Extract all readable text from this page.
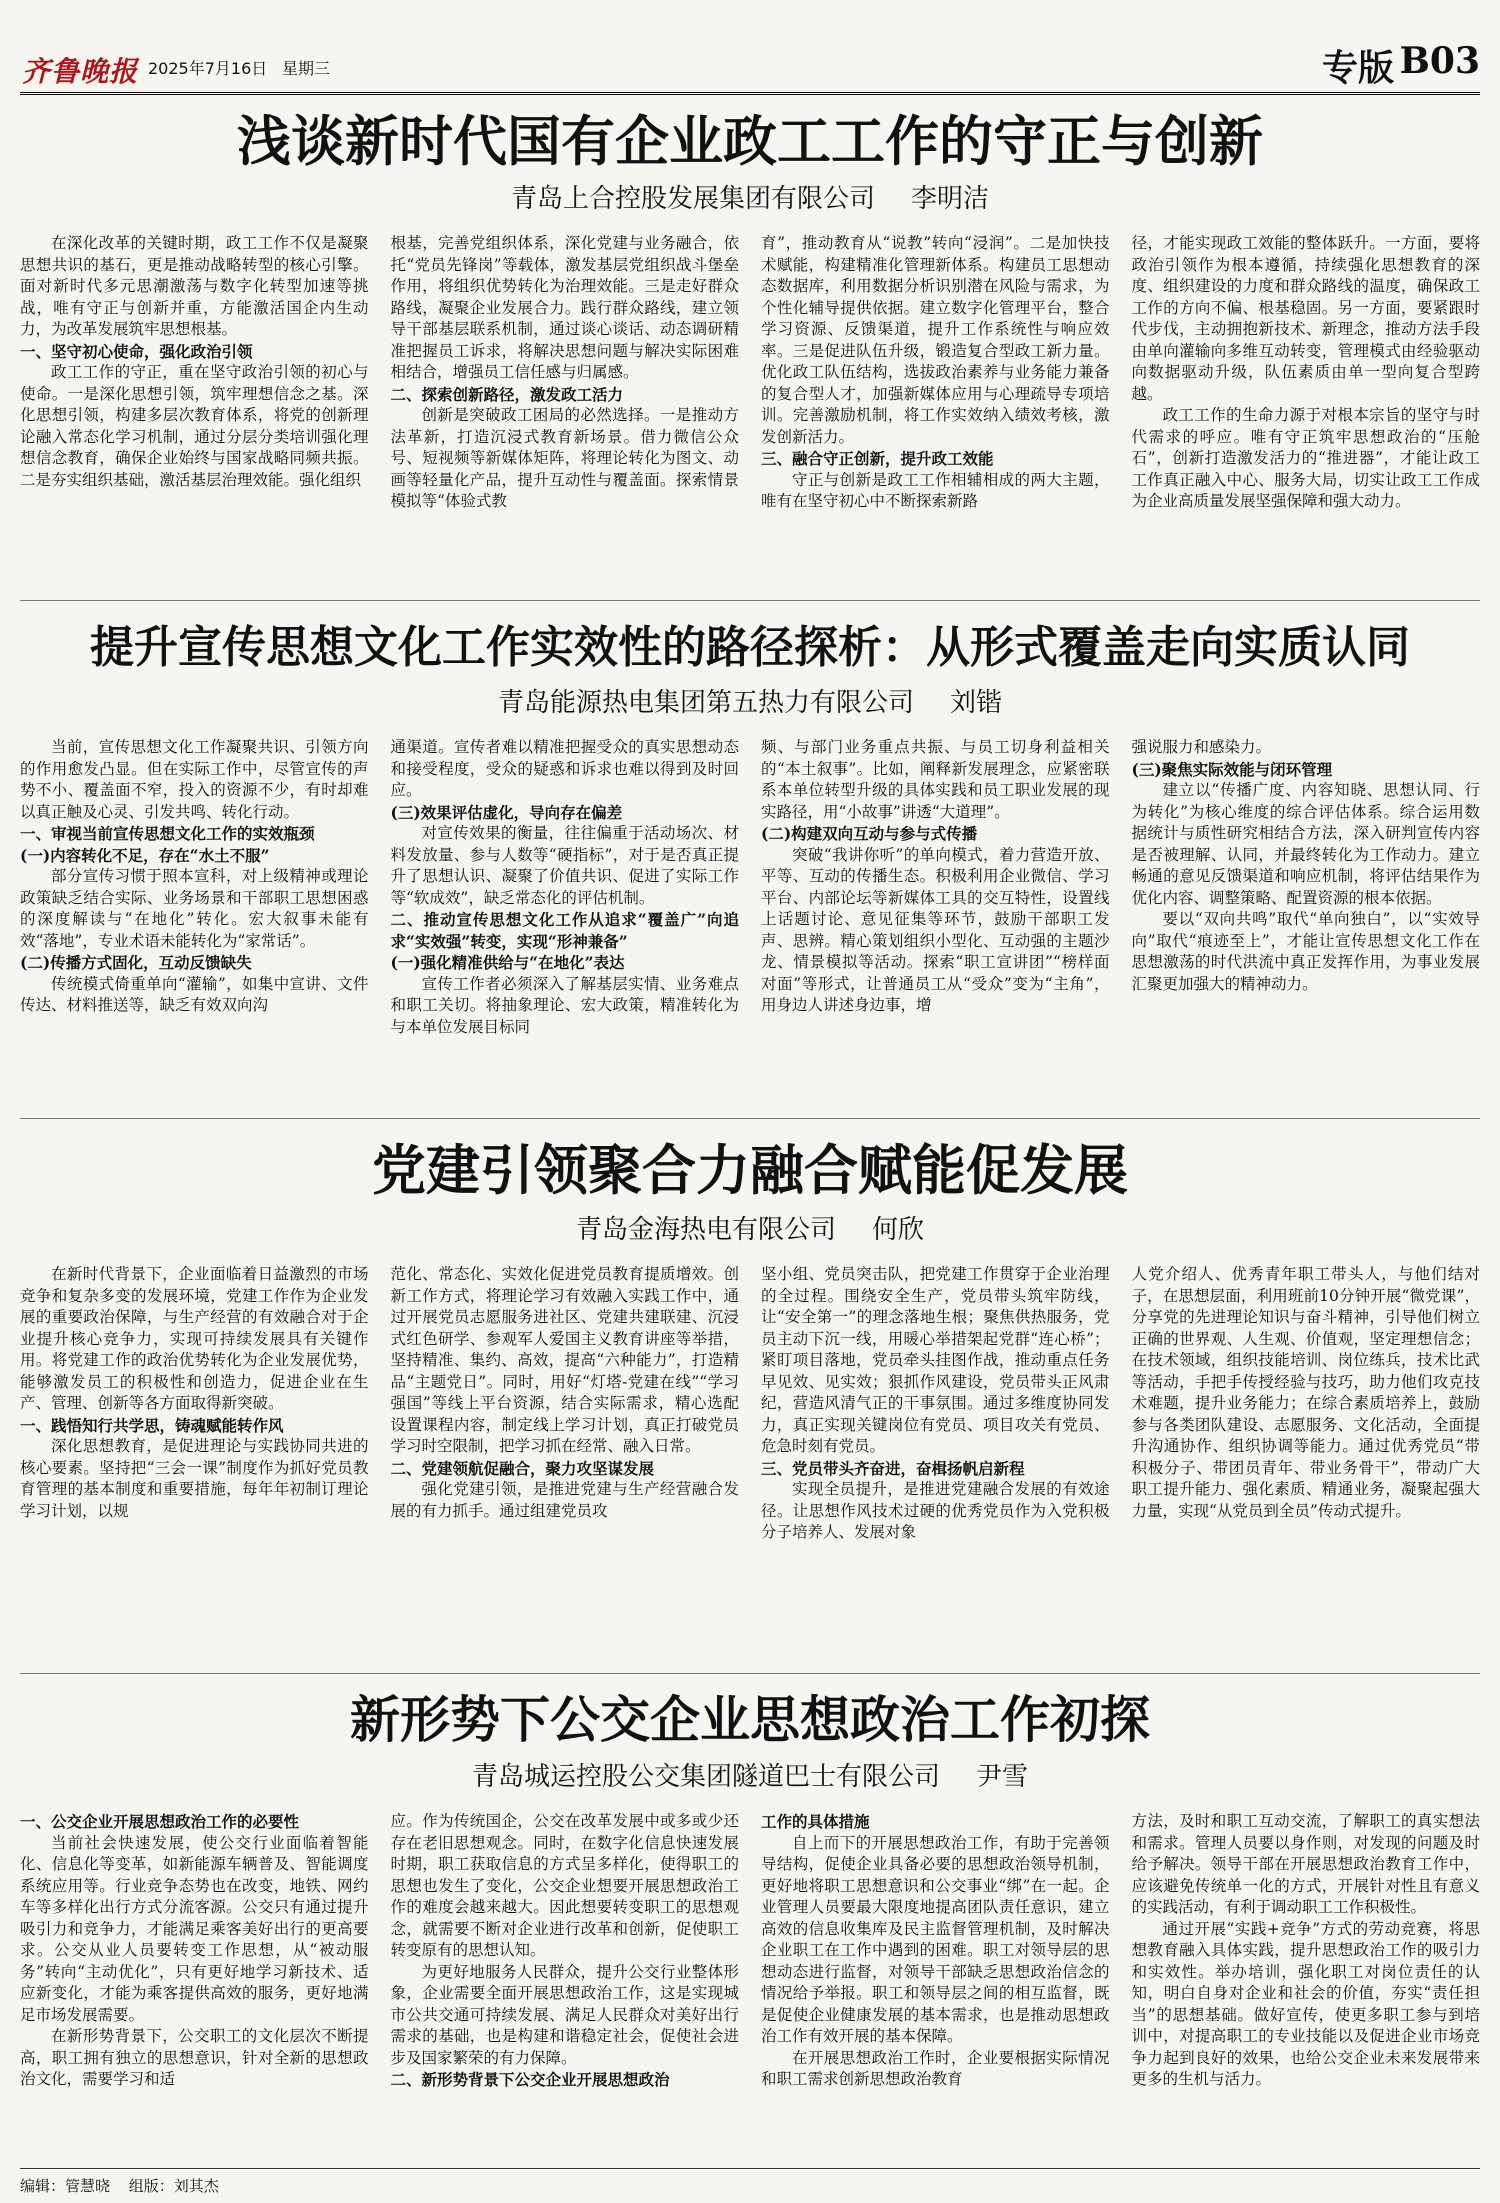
齐鲁晚报 2025年7月16日 星期三	专版 B03
浅谈新时代国有企业政工工作的守正与创新
青岛上合控股发展集团有限公司 李明洁

在深化改革的关键时期，政工工作不仅是凝聚思想共识的基石，更是推动战略转型的核心引擎。面对新时代多元思潮激荡与数字化转型加速等挑战，唯有守正与创新并重，方能激活国企内生动力，为改革发展筑牢思想根基。

一、坚守初心使命，强化政治引领

政工工作的守正，重在坚守政治引领的初心与使命。一是深化思想引领，筑牢理想信念之基。深化思想引领，构建多层次教育体系，将党的创新理论融入常态化学习机制，通过分层分类培训强化理想信念教育，确保企业始终与国家战略同频共振。二是夯实组织基础，激活基层治理效能。强化组织

根基，完善党组织体系，深化党建与业务融合，依托“党员先锋岗”等载体，激发基层党组织战斗堡垒作用，将组织优势转化为治理效能。三是走好群众路线，凝聚企业发展合力。践行群众路线，建立领导干部基层联系机制，通过谈心谈话、动态调研精准把握员工诉求，将解决思想问题与解决实际困难相结合，增强员工信任感与归属感。

二、探索创新路径，激发政工活力

创新是突破政工困局的必然选择。一是推动方法革新，打造沉浸式教育新场景。借力微信公众号、短视频等新媒体矩阵，将理论转化为图文、动画等轻量化产品，提升互动性与覆盖面。探索情景模拟等“体验式教

育”，推动教育从“说教”转向“浸润”。二是加快技术赋能，构建精准化管理新体系。构建员工思想动态数据库，利用数据分析识别潜在风险与需求，为个性化辅导提供依据。建立数字化管理平台，整合学习资源、反馈渠道，提升工作系统性与响应效率。三是促进队伍升级，锻造复合型政工新力量。优化政工队伍结构，选拔政治素养与业务能力兼备的复合型人才，加强新媒体应用与心理疏导专项培训。完善激励机制，将工作实效纳入绩效考核，激发创新活力。

三、融合守正创新，提升政工效能

守正与创新是政工工作相辅相成的两大主题，唯有在坚守初心中不断探索新路

径，才能实现政工效能的整体跃升。一方面，要将政治引领作为根本遵循，持续强化思想教育的深度、组织建设的力度和群众路线的温度，确保政工工作的方向不偏、根基稳固。另一方面，要紧跟时代步伐，主动拥抱新技术、新理念，推动方法手段由单向灌输向多维互动转变，管理模式由经验驱动向数据驱动升级，队伍素质由单一型向复合型跨越。

政工工作的生命力源于对根本宗旨的坚守与时代需求的呼应。唯有守正筑牢思想政治的“压舱石”，创新打造激发活力的“推进器”，才能让政工工作真正融入中心、服务大局，切实让政工工作成为企业高质量发展坚强保障和强大动力。

提升宣传思想文化工作实效性的路径探析：从形式覆盖走向实质认同
青岛能源热电集团第五热力有限公司 刘锴

当前，宣传思想文化工作凝聚共识、引领方向的作用愈发凸显。但在实际工作中，尽管宣传的声势不小、覆盖面不窄，投入的资源不少，有时却难以真正触及心灵、引发共鸣、转化行动。

一、审视当前宣传思想文化工作的实效瓶颈
(一)内容转化不足，存在“水土不服”

部分宣传习惯于照本宣科，对上级精神或理论政策缺乏结合实际、业务场景和干部职工思想困惑的深度解读与“在地化”转化。宏大叙事未能有效“落地”，专业术语未能转化为“家常话”。

(二)传播方式固化，互动反馈缺失

传统模式倚重单向“灌输”，如集中宣讲、文件传达、材料推送等，缺乏有效双向沟

通渠道。宣传者难以精准把握受众的真实思想动态和接受程度，受众的疑惑和诉求也难以得到及时回应。

(三)效果评估虚化，导向存在偏差

对宣传效果的衡量，往往偏重于活动场次、材料发放量、参与人数等“硬指标”，对于是否真正提升了思想认识、凝聚了价值共识、促进了实际工作等“软成效”，缺乏常态化的评估机制。

二、推动宣传思想文化工作从追求“覆盖广”向追求“实效强”转变，实现“形神兼备”
(一)强化精准供给与“在地化”表达

宣传工作者必须深入了解基层实情、业务难点和职工关切。将抽象理论、宏大政策，精准转化为与本单位发展目标同

频、与部门业务重点共振、与员工切身利益相关的“本土叙事”。比如，阐释新发展理念，应紧密联系本单位转型升级的具体实践和员工职业发展的现实路径，用“小故事”讲透“大道理”。

(二)构建双向互动与参与式传播

突破“我讲你听”的单向模式，着力营造开放、平等、互动的传播生态。积极利用企业微信、学习平台、内部论坛等新媒体工具的交互特性，设置线上话题讨论、意见征集等环节，鼓励干部职工发声、思辨。精心策划组织小型化、互动强的主题沙龙、情景模拟等活动。探索“职工宣讲团”“榜样面对面”等形式，让普通员工从“受众”变为“主角”，用身边人讲述身边事，增

强说服力和感染力。

(三)聚焦实际效能与闭环管理

建立以“传播广度、内容知晓、思想认同、行为转化”为核心维度的综合评估体系。综合运用数据统计与质性研究相结合方法，深入研判宣传内容是否被理解、认同，并最终转化为工作动力。建立畅通的意见反馈渠道和响应机制，将评估结果作为优化内容、调整策略、配置资源的根本依据。

要以“双向共鸣”取代“单向独白”，以“实效导向”取代“痕迹至上”，才能让宣传思想文化工作在思想激荡的时代洪流中真正发挥作用，为事业发展汇聚更加强大的精神动力。

党建引领聚合力融合赋能促发展
青岛金海热电有限公司 何欣

在新时代背景下，企业面临着日益激烈的市场竞争和复杂多变的发展环境，党建工作作为企业发展的重要政治保障，与生产经营的有效融合对于企业提升核心竞争力，实现可持续发展具有关键作用。将党建工作的政治优势转化为企业发展优势，能够激发员工的积极性和创造力，促进企业在生产、管理、创新等各方面取得新突破。

一、践悟知行共学思，铸魂赋能转作风

深化思想教育，是促进理论与实践协同共进的核心要素。坚持把“三会一课”制度作为抓好党员教育管理的基本制度和重要措施，每年年初制订理论学习计划，以规

范化、常态化、实效化促进党员教育提质增效。创新工作方式，将理论学习有效融入实践工作中，通过开展党员志愿服务进社区、党建共建联建、沉浸式红色研学、参观军人爱国主义教育讲座等举措，坚持精准、集约、高效，提高“六种能力”，打造精品“主题党日”。同时，用好“灯塔-党建在线”“学习强国”等线上平台资源，结合实际需求，精心选配设置课程内容，制定线上学习计划，真正打破党员学习时空限制，把学习抓在经常、融入日常。

二、党建领航促融合，聚力攻坚谋发展

强化党建引领，是推进党建与生产经营融合发展的有力抓手。通过组建党员攻

坚小组、党员突击队，把党建工作贯穿于企业治理的全过程。围绕安全生产，党员带头筑牢防线，让“安全第一”的理念落地生根；聚焦供热服务，党员主动下沉一线，用暖心举措架起党群“连心桥”；紧盯项目落地，党员牵头挂图作战，推动重点任务早见效、见实效；狠抓作风建设，党员带头正风肃纪，营造风清气正的干事氛围。通过多维度协同发力，真正实现关键岗位有党员、项目攻关有党员、危急时刻有党员。

三、党员带头齐奋进，奋楫扬帆启新程

实现全员提升，是推进党建融合发展的有效途径。让思想作风技术过硬的优秀党员作为入党积极分子培养人、发展对象

人党介绍人、优秀青年职工带头人，与他们结对子，在思想层面，利用班前10分钟开展“微党课”，分享党的先进理论知识与奋斗精神，引导他们树立正确的世界观、人生观、价值观，坚定理想信念；在技术领域，组织技能培训、岗位练兵，技术比武等活动，手把手传授经验与技巧，助力他们攻克技术难题，提升业务能力；在综合素质培养上，鼓励参与各类团队建设、志愿服务、文化活动，全面提升沟通协作、组织协调等能力。通过优秀党员“带积极分子、带团员青年、带业务骨干”，带动广大职工提升能力、强化素质、精通业务，凝聚起强大力量，实现“从党员到全员”传动式提升。

新形势下公交企业思想政治工作初探
青岛城运控股公交集团隧道巴士有限公司 尹雪
一、公交企业开展思想政治工作的必要性

当前社会快速发展，使公交行业面临着智能化、信息化等变革，如新能源车辆普及、智能调度系统应用等。行业竞争态势也在改变，地铁、网约车等多样化出行方式分流客源。公交只有通过提升吸引力和竞争力，才能满足乘客美好出行的更高要求。公交从业人员要转变工作思想，从“被动服务”转向“主动优化”，只有更好地学习新技术、适应新变化，才能为乘客提供高效的服务，更好地满足市场发展需要。

在新形势背景下，公交职工的文化层次不断提高，职工拥有独立的思想意识，针对全新的思想政治文化，需要学习和适

应。作为传统国企，公交在改革发展中或多或少还存在老旧思想观念。同时，在数字化信息快速发展时期，职工获取信息的方式呈多样化，使得职工的思想也发生了变化，公交企业想要开展思想政治工作的难度会越来越大。因此想要转变职工的思想观念，就需要不断对企业进行改革和创新，促使职工转变原有的思想认知。

为更好地服务人民群众，提升公交行业整体形象，企业需要全面开展思想政治工作，这是实现城市公共交通可持续发展、满足人民群众对美好出行需求的基础，也是构建和谐稳定社会，促使社会进步及国家繁荣的有力保障。

二、新形势背景下公交企业开展思想政治
工作的具体措施

自上而下的开展思想政治工作，有助于完善领导结构，促使企业具备必要的思想政治领导机制，更好地将职工思想意识和公交事业“绑”在一起。企业管理人员要最大限度地提高团队责任意识，建立高效的信息收集库及民主监督管理机制，及时解决企业职工在工作中遇到的困难。职工对领导层的思想动态进行监督，对领导干部缺乏思想政治信念的情况给予举报。职工和领导层之间的相互监督，既是促使企业健康发展的基本需求，也是推动思想政治工作有效开展的基本保障。

在开展思想政治工作时，企业要根据实际情况和职工需求创新思想政治教育

方法，及时和职工互动交流，了解职工的真实想法和需求。管理人员要以身作则，对发现的问题及时给予解决。领导干部在开展思想政治教育工作中，应该避免传统单一化的方式，开展针对性且有意义的实践活动，有利于调动职工工作积极性。

通过开展“实践+竞争”方式的劳动竞赛，将思想教育融入具体实践，提升思想政治工作的吸引力和实效性。举办培训，强化职工对岗位责任的认知，明白自身对企业和社会的价值，夯实“责任担当”的思想基础。做好宣传，使更多职工参与到培训中，对提高职工的专业技能以及促进企业市场竞争力起到良好的效果，也给公交企业未来发展带来更多的生机与活力。

编辑：管慧晓 组版：刘其杰
